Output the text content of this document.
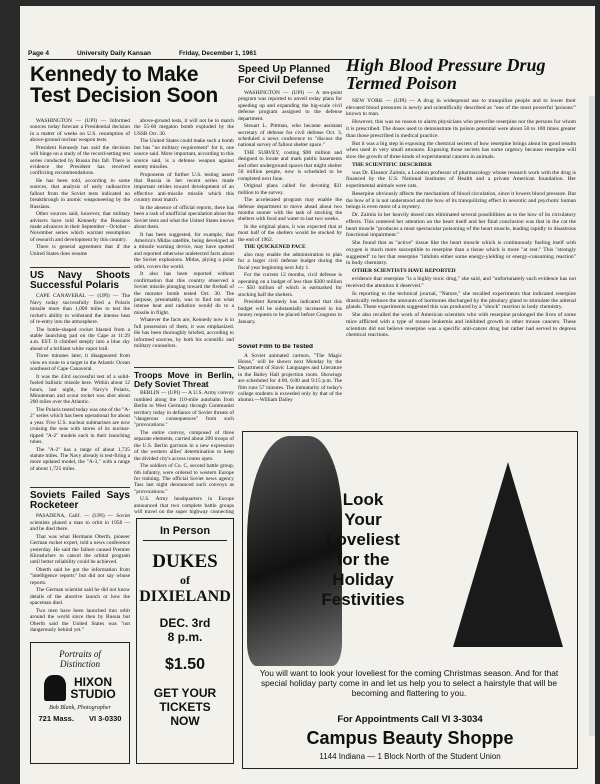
Page 4	University Daily Kansan	Friday, December 1, 1961
Kennedy to Make Test Decision Soon

WASHINGTON — (UPI) — Informed sources today forecast a Presidential decision in a matter of weeks on U.S. resumption of above-ground nuclear weapon tests.

President Kennedy has said the decision will hinge on a study of the record-setting test series conducted by Russia this fall. There is evidence the President has received conflicting recommendations.

He has been told, according to some sources, that analysis of early radioactive fallout from the Soviet tests indicated no breakthrough in atomic weaponeering by the Russians.

Other sources said, however, that military advisers have told Kennedy the Russians made advances in their September - October - November series which warrant resumption of research and development by this country.

There is general agreement that if the United States does resume

above-ground tests, it will not be to match the 55-60 megaton bomb exploded by the USSR Oct. 30.

The United States could make such a bomb but has "no military requirement" for it, one source said. More important, according to this source said, is a defense weapon against enemy missiles.

Proponents of further U.S. testing assert that Russia in her recent series made important strides toward development of an effective anti-missile missile which this country must match.

In the absence of official reports, there has been a rash of unofficial speculation about the Soviet tests and what the United States knows about them.

It has been suggested, for example, that America's Midas satellite, being developed as a missile warning device, may have spotted and reported otherwise undetected facts about the Soviet explosions. Midas, plying a polar orbit, covers the world.

It also has been reported without confirmation that this country observed a Soviet missile plunging toward the fireball of the monster bomb tested Oct. 30. The purpose, presumably, was to find out what intense heat and radiation would do to a missile in flight.

Whatever the facts are, Kennedy now is in full possession of them, it was emphasized. He has been thoroughly briefed, according to informed sources, by both his scientific and military counselors.

US Navy Shoots Successful Polaris

CAPE CANAVERAL — (UPI) — The Navy today successfully fired a Polaris missile more than 1,000 miles to test the rocket's ability to withstand the intense heat of re-entry into the atmosphere.

The bottle-shaped rocket blasted from a stable launching pad on the Cape at 11:29 a.m. EST. It climbed steeply into a blue sky ahead of a brilliant white vapor trail.

Three minutes later, it disappeared from view en route to a target in the Atlantic Ocean southeast of Cape Canaveral.

It was the 43rd successful test of a solid-fueled ballistic missile here. Within about 12 hours, last night, the Navy's Polaris, Minuteman and scout rocket was shot about 200 miles over the Atlantic.

The Polaris tested today was one of the "A-2" series which has been operational for about a year. Five U.S. nuclear submarines are now cruising the seas with stores of its nuclear-tipped "A-2" models each in their launching tubes.

The "A-2" has a range of about 1,725 statute miles. The Navy already is test-firing a more updated model, the "A-3," with a range of about 1,725 miles.

Soviets Failed Says Rocketeer

PASADENA, Calif. — (UPI) — Soviet scientists planed a man to orbit in 1958 — and he died there.

That was what Hermann Oberth, pioneer German rocket expert, told a news conference yesterday. He said the failure caused Premier Khrushchev to cancel the orbital program until better reliability could be achieved.

Oberth said he got the information from "intelligence reports" but did not say whose reports.

The German scientist said he did not know details of the abortive launch or how the spaceman died.

Two men have been launched into orbit around the world since then by Russia but Oberth said the United States was "not dangerously behind yet."

Portraits of
Distinction
HIXON
STUDIO
Bob Blank, Photographer
721 Mass. VI 3-0330
Troops Move in Berlin, Defy Soviet Threat

BERLIN — (UPI) — A U.S. Army convoy rumbled along the 110-mile autobahn from Berlin to West Germany through Communist territory today in defiance of Soviet threats of "dangerous consequences" from such "provocations."

The entire convoy, composed of three separate elements, carried about 200 troops of the U.S. Berlin garrison in a new expression of the western allies' determination to keep the divided city's access routes open.

The soldiers of Co. C, second battle group, 6th infantry, were ordered to western Europe for training. The official Soviet news agency Tass last night denounced such convoys as "provocations."

U.S. Army headquarters in Europe announced that two complete battle groups will travel on the super highway connecting

In Person
DUKES
of
DIXIELAND
DEC. 3rd
8 p.m.
$1.50
GET YOUR
TICKETS
NOW
Speed Up Planned For Civil Defense

WASHINGTON — (UPI) — A ten-point program was reported to unveil today plans for speeding up and expanding the big-scale civil defense program assigned to the defense department.

Steuart L. Pittman, who became assistant secretary of defense for civil defense Oct. 3, scheduled a news conference to "discuss the national survey of fallout shelter space."

THE SURVEY, costing $90 million and designed to locate and mark public basements and other underground spaces that might shelter 50 million people, now is scheduled to be completed next June.

Original plans called for devoting $31 million to the survey.

The accelerated program may enable the defense department to move ahead about two months sooner with the task of stocking the shelters with food and water to last two weeks.

In the original plans, it was expected that at most half of the shelters would be stocked by the end of 1962.

THE QUICKENED PACE

also may enable the administration to plan for a larger civil defense budget during the fiscal year beginning next July 1.

For the current 12 months, civil defense is operating on a budget of less than $300 million — $50 million of which is earmarked for stocking half the shelters.

President Kennedy has indicated that this budget will be substantially increased in his money requests to be placed before Congress in January.

Soviet Film to Be Tested

A Soviet animated cartoon, "The Magic Horse," will be shown next Monday by the Department of Slavic Languages and Literature in the Bailey Hall projection room. Showings are scheduled for 4:00, 6:00 and 9:15 p.m. The film runs 57 minutes. The immaturity of today's college students is exceeded only by that of the alumni.—William Dailey

High Blood Pressure Drug Termed Poison

NEW YORK — (UPI) — A drug in widespread use to tranquilize people and to lower their elevated blood pressures is newly and scientifically described as "one of the most powerful 'poisons'" known to man.

However, this was no reason to alarm physicians who prescribe reserpine nor the persons for whom it is prescribed. The doses used to demonstrate its poison potential were about 50 to 100 times greater than those prescribed in medical practice.

But it was a big step in exposing the chemical secrets of how reserpine brings about its good results when used in very small amounts. Exposing those secrets has some urgency because reserpine will slow the growth of three kinds of experimental cancers in animals.

THE SCIENTIFIC DESCRIBER

was Dr. Eleanor Zaimis, a London professor of pharmacology whose research work with the drug is financed by the U.S. National Institutes of Health and a private American foundation. Her experimental animals were cats.

Reserpine obviously affects the mechanism of blood circulation, since it lowers blood pressure. But the how of it is not understood and the how of its tranquilizing effect in neurotic and psychotic human beings is even more of a mystery.

Dr. Zaimis in her heavily dosed cats eliminated several possibilities as to the how of its circulatory effects. This centered her attention on the heart itself and her final conclusion was that in the cat the heart muscle "produces a most spectacular poisoning of the heart muscle, leading rapidly to disastrous functional impairment."

She found that as "active" tissue like the heart muscle which is continuously fueling itself with oxygen is much more susceptible to reserpine than a tissue which is more "at rest." This "strongly suggested" to her that reserpine "inhibits either some energy-yielding or energy-consuming reaction" in body chemistry.

OTHER SCIENTISTS HAVE REPORTED

evidence that reserpine "is a highly toxic drug," she said, and "unfortunately such evidence has not received the attention it deserved."

In reporting to the technical journal, "Nature," she recalled experiments that indicated reserpine drastically reduces the amounts of hormones discharged by the pituitary gland to stimulate the adrenal glands. These experiments suggested this was produced by a "shock" reaction in body chemistry.

She also recalled the work of American scientists who with reserpine prolonged the lives of some mice afflicted with a type of mouse leukemia and inhibited growth in other mouse cancers. These scientists did not believe reserpine was a specific anti-cancer drug but rather had served to depress chemical reactions.

Look
Your
Loveliest
for the
Holiday
Festivities
You will want to look your loveliest for the coming Christmas season. And for that special holiday party come in and let us help you to select a hairstyle that will be becoming and flattering to you.
For Appointments Call VI 3-3034
Campus Beauty Shoppe
1144 Indiana — 1 Block North of the Student Union
